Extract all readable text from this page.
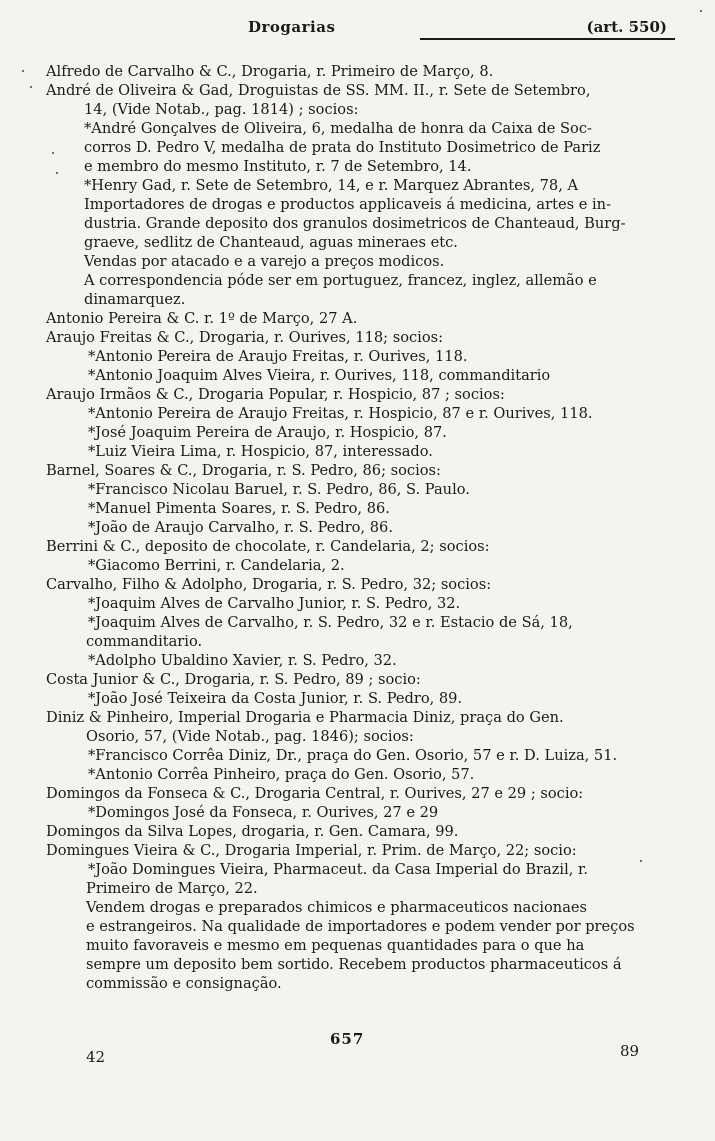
Drogarias	(art. 550)
Alfredo de Carvalho & C., Drogaria, r. Primeiro de Março, 8.
André de Oliveira & Gad, Droguistas de SS. MM. II., r. Sete de Setembro,
14, (Vide Notab., pag. 1814) ; socios:
*André Gonçalves de Oliveira, 6, medalha de honra da Caixa de Soc-
corros D. Pedro V, medalha de prata do Instituto Dosimetrico de Pariz
e membro do mesmo Instituto, r. 7 de Setembro, 14.
*Henry Gad, r. Sete de Setembro, 14, e r. Marquez Abrantes, 78, A
Importadores de drogas e productos applicaveis á medicina, artes e in-
dustria. Grande deposito dos granulos dosimetricos de Chanteaud, Burg-
graeve, sedlitz de Chanteaud, aguas mineraes etc.
Vendas por atacado e a varejo a preços modicos.
A correspondencia póde ser em portuguez, francez, inglez, allemão e
dinamarquez.
Antonio Pereira & C. r. 1º de Março, 27 A.
Araujo Freitas & C., Drogaria, r. Ourives, 118; socios:
*Antonio Pereira de Araujo Freitas, r. Ourives, 118.
*Antonio Joaquim Alves Vieira, r. Ourives, 118, commanditario
Araujo Irmãos & C., Drogaria Popular, r. Hospicio, 87 ; socios:
*Antonio Pereira de Araujo Freitas, r. Hospicio, 87 e r. Ourives, 118.
*José Joaquim Pereira de Araujo, r. Hospicio, 87.
*Luiz Vieira Lima, r. Hospicio, 87, interessado.
Barnel, Soares & C., Drogaria, r. S. Pedro, 86; socios:
*Francisco Nicolau Baruel, r. S. Pedro, 86, S. Paulo.
*Manuel Pimenta Soares, r. S. Pedro, 86.
*João de Araujo Carvalho, r. S. Pedro, 86.
Berrini & C., deposito de chocolate, r. Candelaria, 2; socios:
*Giacomo Berrini, r. Candelaria, 2.
Carvalho, Filho & Adolpho, Drogaria, r. S. Pedro, 32; socios:
*Joaquim Alves de Carvalho Junior, r. S. Pedro, 32.
*Joaquim Alves de Carvalho, r. S. Pedro, 32 e r. Estacio de Sá, 18,
commanditario.
*Adolpho Ubaldino Xavier, r. S. Pedro, 32.
Costa Junior & C., Drogaria, r. S. Pedro, 89 ; socio:
*João José Teixeira da Costa Junior, r. S. Pedro, 89.
Diniz & Pinheiro, Imperial Drogaria e Pharmacia Diniz, praça do Gen.
Osorio, 57, (Vide Notab., pag. 1846); socios:
*Francisco Corrêa Diniz, Dr., praça do Gen. Osorio, 57 e r. D. Luiza, 51.
*Antonio Corrêa Pinheiro, praça do Gen. Osorio, 57.
Domingos da Fonseca & C., Drogaria Central, r. Ourives, 27 e 29 ; socio:
*Domingos José da Fonseca, r. Ourives, 27 e 29
Domingos da Silva Lopes, drogaria, r. Gen. Camara, 99.
Domingues Vieira & C., Drogaria Imperial, r. Prim. de Março, 22; socio:
*João Domingues Vieira, Pharmaceut. da Casa Imperial do Brazil, r.
Primeiro de Março, 22.
Vendem drogas e preparados chimicos e pharmaceuticos nacionaes
e estrangeiros. Na qualidade de importadores e podem vender por preços
muito favoraveis e mesmo em pequenas quantidades para o que ha
sempre um deposito bem sortido. Recebem productos pharmaceuticos á
commissão e consignação.
657
42	89
